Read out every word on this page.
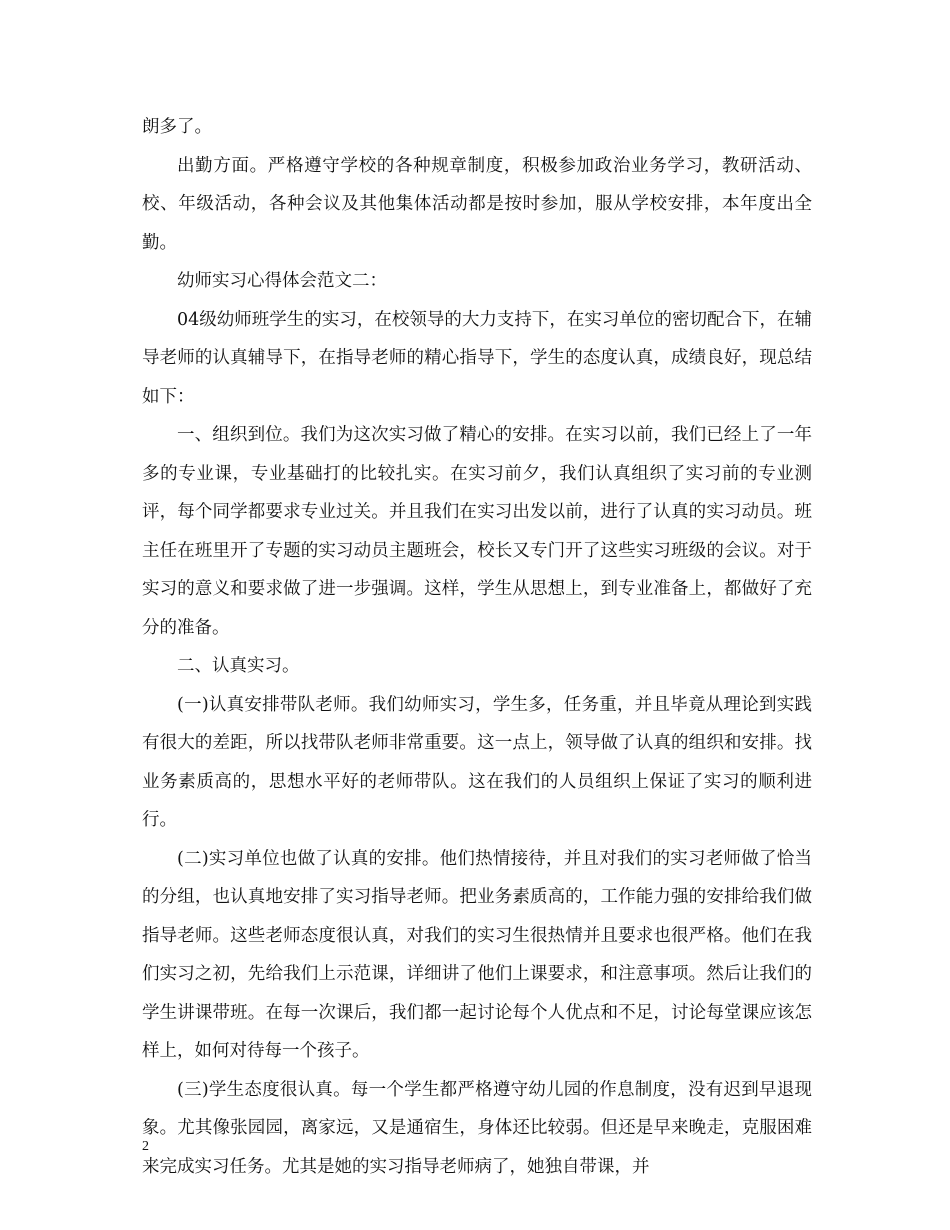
朗多了。

出勤方面。严格遵守学校的各种规章制度，积极参加政治业务学习，教研活动、校、年级活动，各种会议及其他集体活动都是按时参加，服从学校安排，本年度出全勤。

幼师实习心得体会范文二：

04级幼师班学生的实习，在校领导的大力支持下，在实习单位的密切配合下，在辅导老师的认真辅导下，在指导老师的精心指导下，学生的态度认真，成绩良好，现总结如下：

一、组织到位。我们为这次实习做了精心的安排。在实习以前，我们已经上了一年多的专业课，专业基础打的比较扎实。在实习前夕，我们认真组织了实习前的专业测评，每个同学都要求专业过关。并且我们在实习出发以前，进行了认真的实习动员。班主任在班里开了专题的实习动员主题班会，校长又专门开了这些实习班级的会议。对于实习的意义和要求做了进一步强调。这样，学生从思想上，到专业准备上，都做好了充分的准备。

二、认真实习。

(一)认真安排带队老师。我们幼师实习，学生多，任务重，并且毕竟从理论到实践有很大的差距，所以找带队老师非常重要。这一点上，领导做了认真的组织和安排。找业务素质高的，思想水平好的老师带队。这在我们的人员组织上保证了实习的顺利进行。

(二)实习单位也做了认真的安排。他们热情接待，并且对我们的实习老师做了恰当的分组，也认真地安排了实习指导老师。把业务素质高的，工作能力强的安排给我们做指导老师。这些老师态度很认真，对我们的实习生很热情并且要求也很严格。他们在我们实习之初，先给我们上示范课，详细讲了他们上课要求，和注意事项。然后让我们的学生讲课带班。在每一次课后，我们都一起讨论每个人优点和不足，讨论每堂课应该怎样上，如何对待每一个孩子。

(三)学生态度很认真。每一个学生都严格遵守幼儿园的作息制度，没有迟到早退现象。尤其像张园园，离家远，又是通宿生，身体还比较弱。但还是早来晚走，克服困难来完成实习任务。尤其是她的实习指导老师病了，她独自带课，并

2
